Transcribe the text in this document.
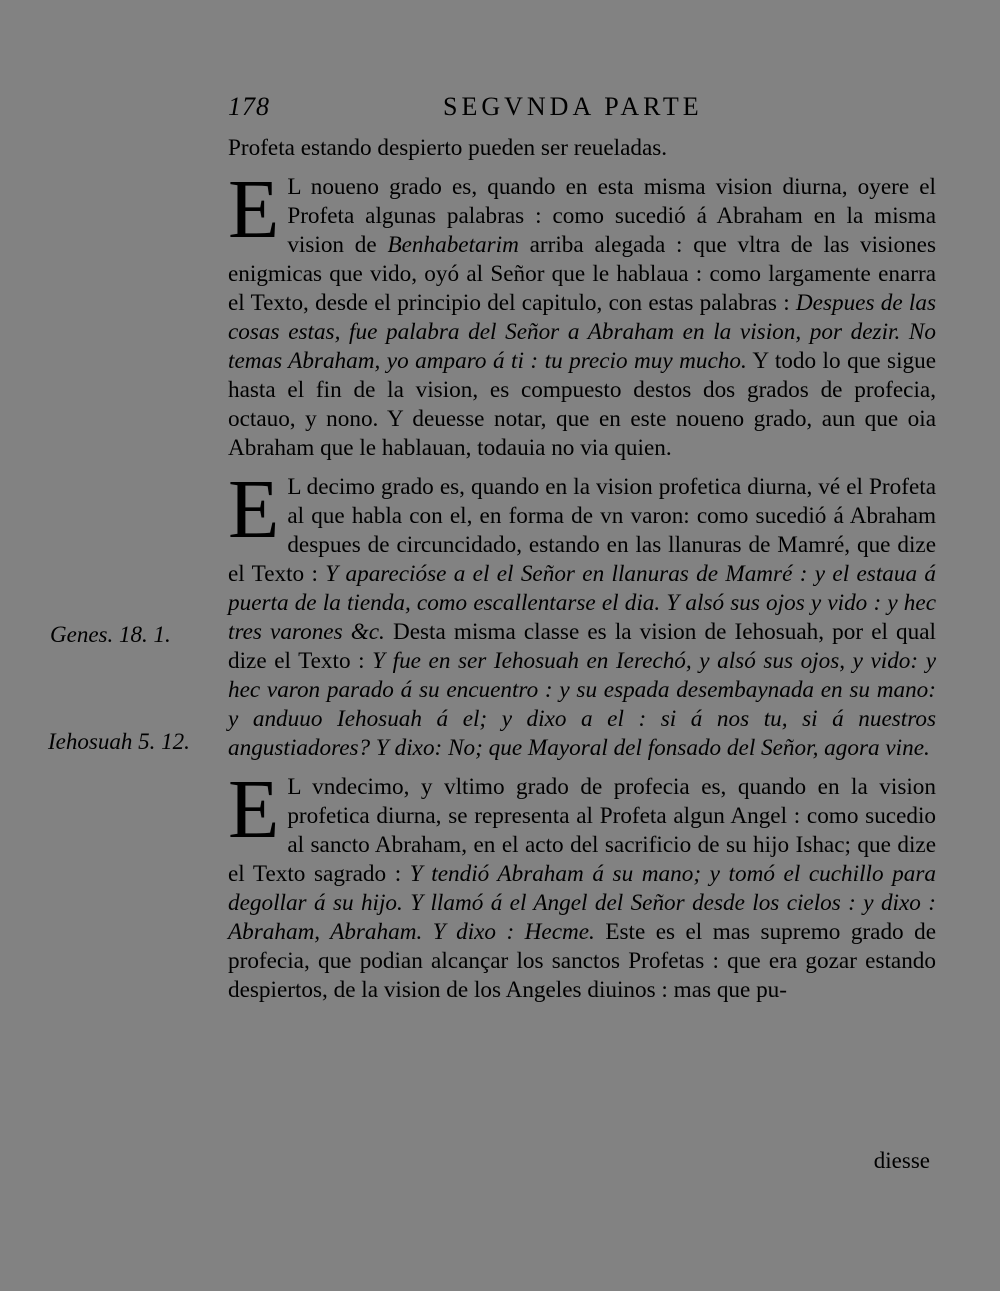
178	SEGVNDA PARTE
Genes. 18. 1.
Iehosuah 5. 12.

Profeta estando despierto pueden ser reueladas.

E L noueno grado es, quando en esta misma vision diurna, oyere el Profeta algunas palabras : como sucedió á Abraham en la misma vision de Benhabetarim arriba alegada : que vltra de las visiones enigmicas que vido, oyó al Señor que le hablaua : como largamente enarra el Texto, desde el principio del capitulo, con estas palabras : Despues de las cosas estas, fue palabra del Señor a Abraham en la vision, por dezir. No temas Abraham, yo amparo á ti : tu precio muy mucho. Y todo lo que sigue hasta el fin de la vision, es compuesto destos dos grados de profecia, octauo, y nono. Y deuesse notar, que en este noueno grado, aun que oia Abraham que le hablauan, todauia no via quien.

E L decimo grado es, quando en la vision profetica diurna, vé el Profeta al que habla con el, en forma de vn varon: como sucedió á Abraham despues de circuncidado, estando en las llanuras de Mamré, que dize el Texto : Y aparecióse a el el Señor en llanuras de Mamré : y el estaua á puerta de la tienda, como escallentarse el dia. Y alsó sus ojos y vido : y hec tres varones &c. Desta misma classe es la vision de Iehosuah, por el qual dize el Texto : Y fue en ser Iehosuah en Ierechó, y alsó sus ojos, y vido: y hec varon parado á su encuentro : y su espada desembaynada en su mano: y anduuo Iehosuah á el; y dixo a el : si á nos tu, si á nuestros angustiadores? Y dixo: No; que Mayoral del fonsado del Señor, agora vine.

E L vndecimo, y vltimo grado de profecia es, quando en la vision profetica diurna, se representa al Profeta algun Angel : como sucedio al sancto Abraham, en el acto del sacrificio de su hijo Ishac; que dize el Texto sagrado : Y tendió Abraham á su mano; y tomó el cuchillo para degollar á su hijo. Y llamó á el Angel del Señor desde los cielos : y dixo : Abraham, Abraham. Y dixo : Hecme. Este es el mas supremo grado de profecia, que podian alcançar los sanctos Profetas : que era gozar estando despiertos, de la vision de los Angeles diuinos : mas que pu-

diesse
